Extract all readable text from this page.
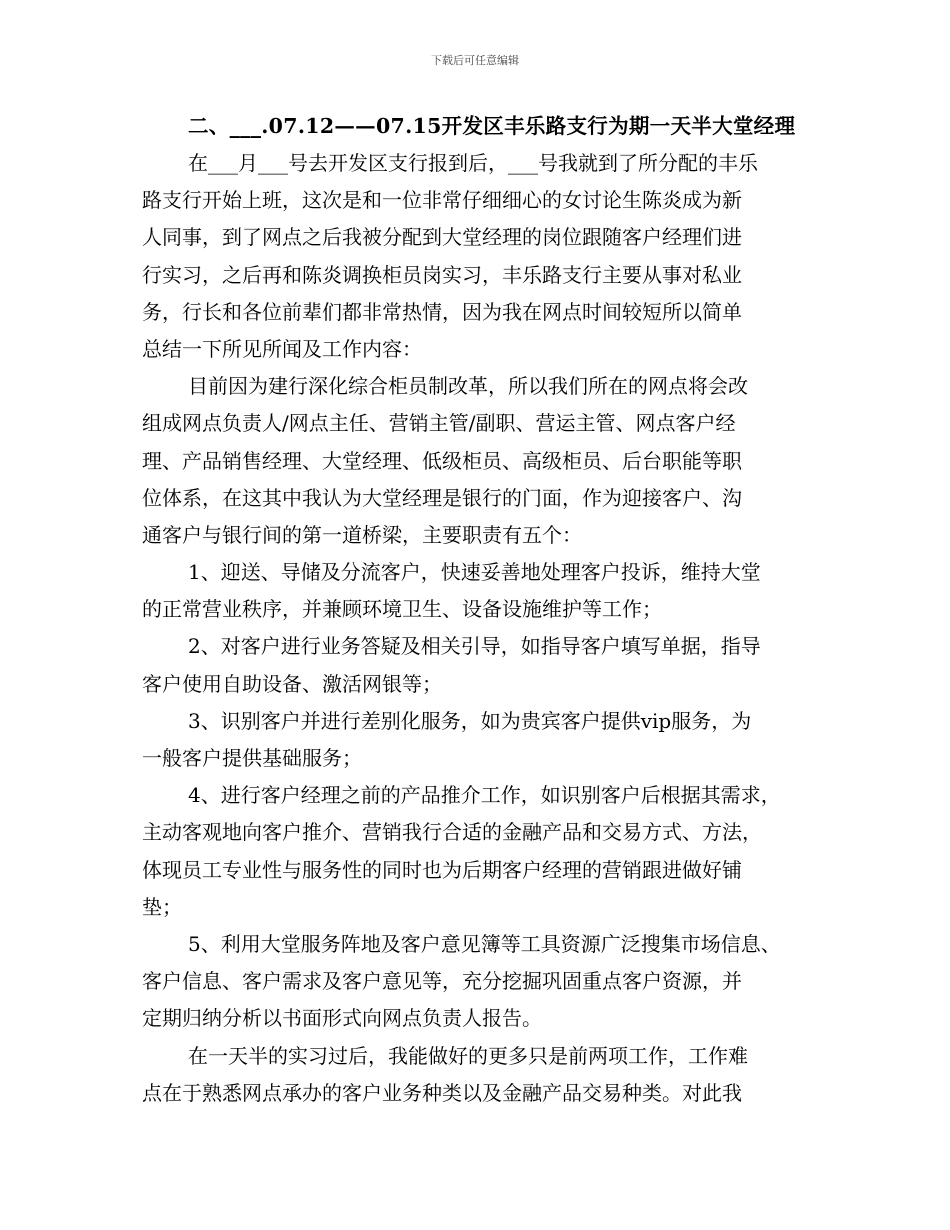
下载后可任意编辑
二、___.07.12——07.15开发区丰乐路支行为期一天半大堂经理
在___月___号去开发区支行报到后，___号我就到了所分配的丰乐
路支行开始上班，这次是和一位非常仔细细心的女讨论生陈炎成为新
人同事，到了网点之后我被分配到大堂经理的岗位跟随客户经理们进
行实习，之后再和陈炎调换柜员岗实习，丰乐路支行主要从事对私业
务，行长和各位前辈们都非常热情，因为我在网点时间较短所以简单
总结一下所见所闻及工作内容：
目前因为建行深化综合柜员制改革，所以我们所在的网点将会改
组成网点负责人/网点主任、营销主管/副职、营运主管、网点客户经
理、产品销售经理、大堂经理、低级柜员、高级柜员、后台职能等职
位体系，在这其中我认为大堂经理是银行的门面，作为迎接客户、沟
通客户与银行间的第一道桥梁，主要职责有五个：
1、迎送、导储及分流客户，快速妥善地处理客户投诉，维持大堂
的正常营业秩序，并兼顾环境卫生、设备设施维护等工作；
2、对客户进行业务答疑及相关引导，如指导客户填写单据，指导
客户使用自助设备、激活网银等；
3、识别客户并进行差别化服务，如为贵宾客户提供vip服务，为
一般客户提供基础服务；
4、进行客户经理之前的产品推介工作，如识别客户后根据其需求，
主动客观地向客户推介、营销我行合适的金融产品和交易方式、方法，
体现员工专业性与服务性的同时也为后期客户经理的营销跟进做好铺
垫；
5、利用大堂服务阵地及客户意见簿等工具资源广泛搜集市场信息、
客户信息、客户需求及客户意见等，充分挖掘巩固重点客户资源，并
定期归纳分析以书面形式向网点负责人报告。
在一天半的实习过后，我能做好的更多只是前两项工作，工作难
点在于熟悉网点承办的客户业务种类以及金融产品交易种类。对此我
